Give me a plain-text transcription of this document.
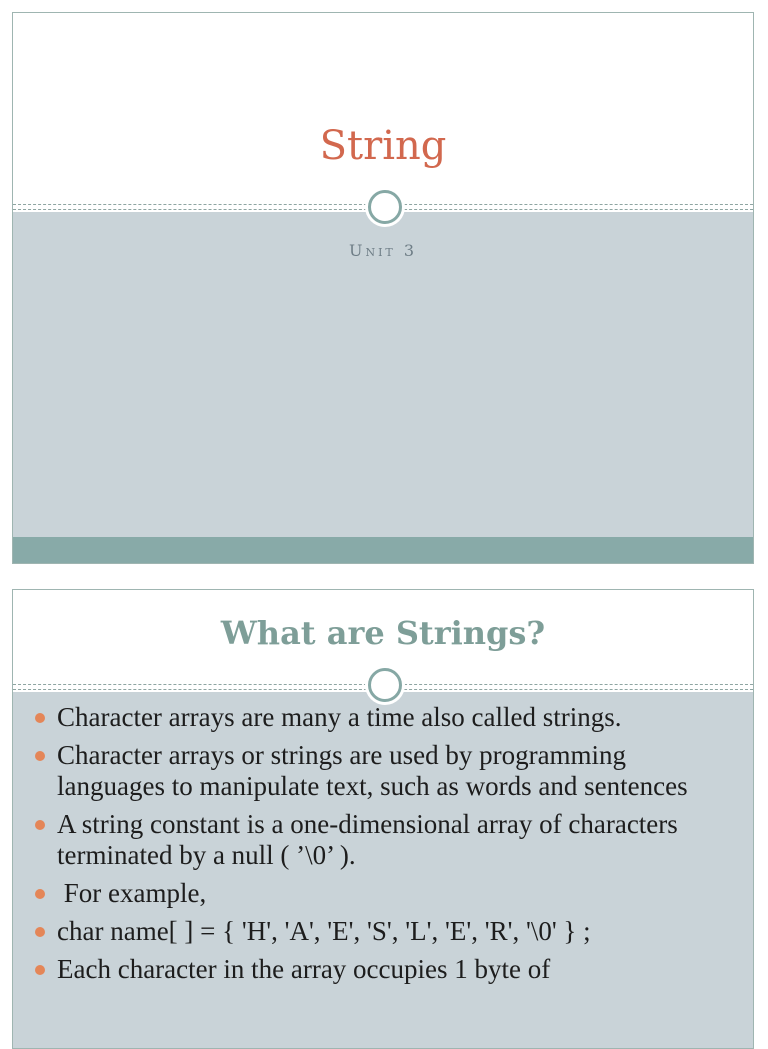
String

Unit 3

What are Strings?
Character arrays are many a time also called strings.
Character arrays or strings are used by programming languages to manipulate text, such as words and sentences
A string constant is a one-dimensional array of characters terminated by a null ( ’\0’ ).
For example,
char name[ ] = { 'H', 'A', 'E', 'S', 'L', 'E', 'R', '\0' } ;
Each character in the array occupies 1 byte of
